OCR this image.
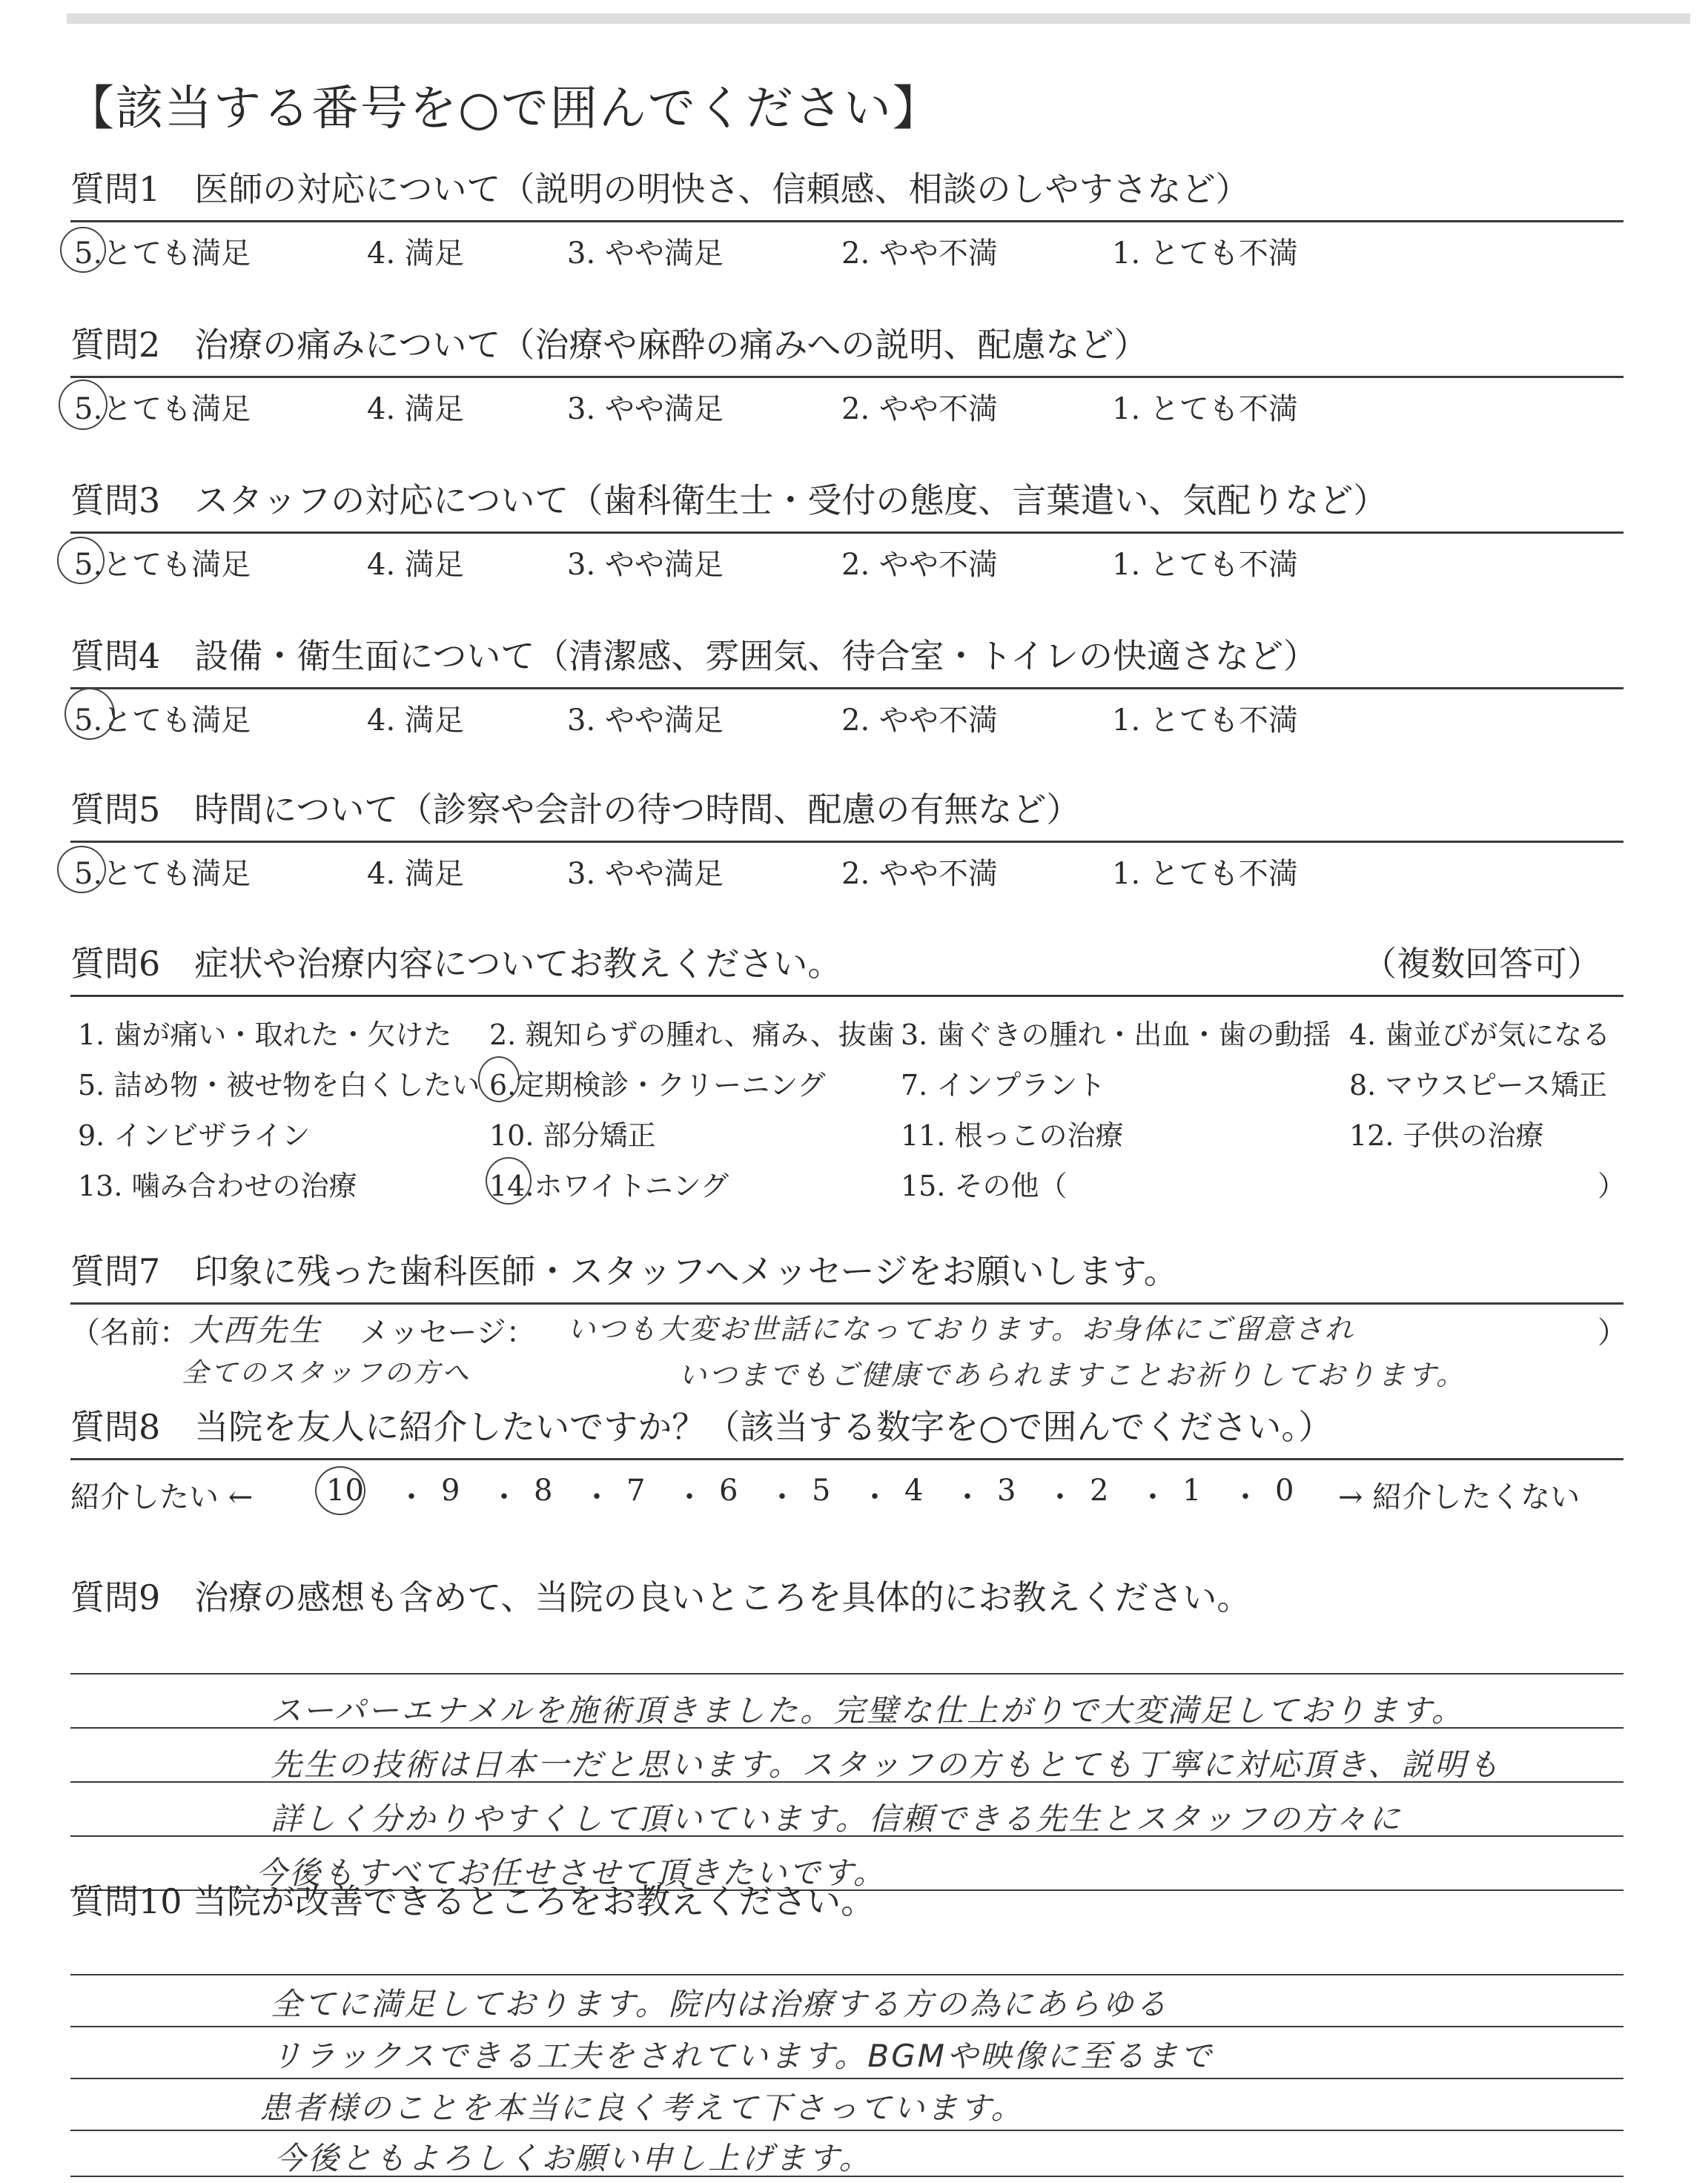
【該当する番号を○で囲んでください】
質問1　医師の対応について（説明の明快さ、信頼感、相談のしやすさなど）
5.とても満足	4. 満足	3. やや満足	2. やや不満	1. とても不満
質問2　治療の痛みについて（治療や麻酔の痛みへの説明、配慮など）
5.とても満足	4. 満足	3. やや満足	2. やや不満	1. とても不満
質問3　スタッフの対応について（歯科衛生士・受付の態度、言葉遣い、気配りなど）
5.とても満足	4. 満足	3. やや満足	2. やや不満	1. とても不満
質問4　設備・衛生面について（清潔感、雰囲気、待合室・トイレの快適さなど）
5.とても満足	4. 満足	3. やや満足	2. やや不満	1. とても不満
質問5　時間について（診察や会計の待つ時間、配慮の有無など）
5.とても満足	4. 満足	3. やや満足	2. やや不満	1. とても不満
質問6　症状や治療内容についてお教えください。	（複数回答可）
1. 歯が痛い・取れた・欠けた 2. 親知らずの腫れ、痛み、抜歯 3. 歯ぐきの腫れ・出血・歯の動揺 4. 歯並びが気になる
5. 詰め物・被せ物を白くしたい 6.定期検診・クリーニング	7. インプラント	8. マウスピース矯正
9. インビザライン	10. 部分矯正	11. 根っこの治療	12. 子供の治療
13. 噛み合わせの治療	14.ホワイトニング	15. その他（	）
質問7　印象に残った歯科医師・スタッフへメッセージをお願いします。
（名前： 大西先生 メッセージ： いつも大変お世話になっております。お身体にご留意され	）
全てのスタッフの方へ	いつまでもご健康であられますことお祈りしております。
質問8　当院を友人に紹介したいですか？（該当する数字を○で囲んでください。）
紹介したい ← 10 ・ 9 ・ 8 ・ 7 ・ 6 ・ 5 ・ 4 ・ 3 ・ 2 ・ 1 ・ 0 → 紹介したくない
質問9　治療の感想も含めて、当院の良いところを具体的にお教えください。
スーパーエナメルを施術頂きました。完璧な仕上がりで大変満足しております。
先生の技術は日本一だと思います。スタッフの方もとても丁寧に対応頂き、説明も
詳しく分かりやすくして頂いています。信頼できる先生とスタッフの方々に
今後もすべてお任せさせて頂きたいです。
質問10 当院が改善できるところをお教えください。
全てに満足しております。院内は治療する方の為にあらゆる
リラックスできる工夫をされています。BGMや映像に至るまで
患者様のことを本当に良く考えて下さっています。
今後ともよろしくお願い申し上げます。
